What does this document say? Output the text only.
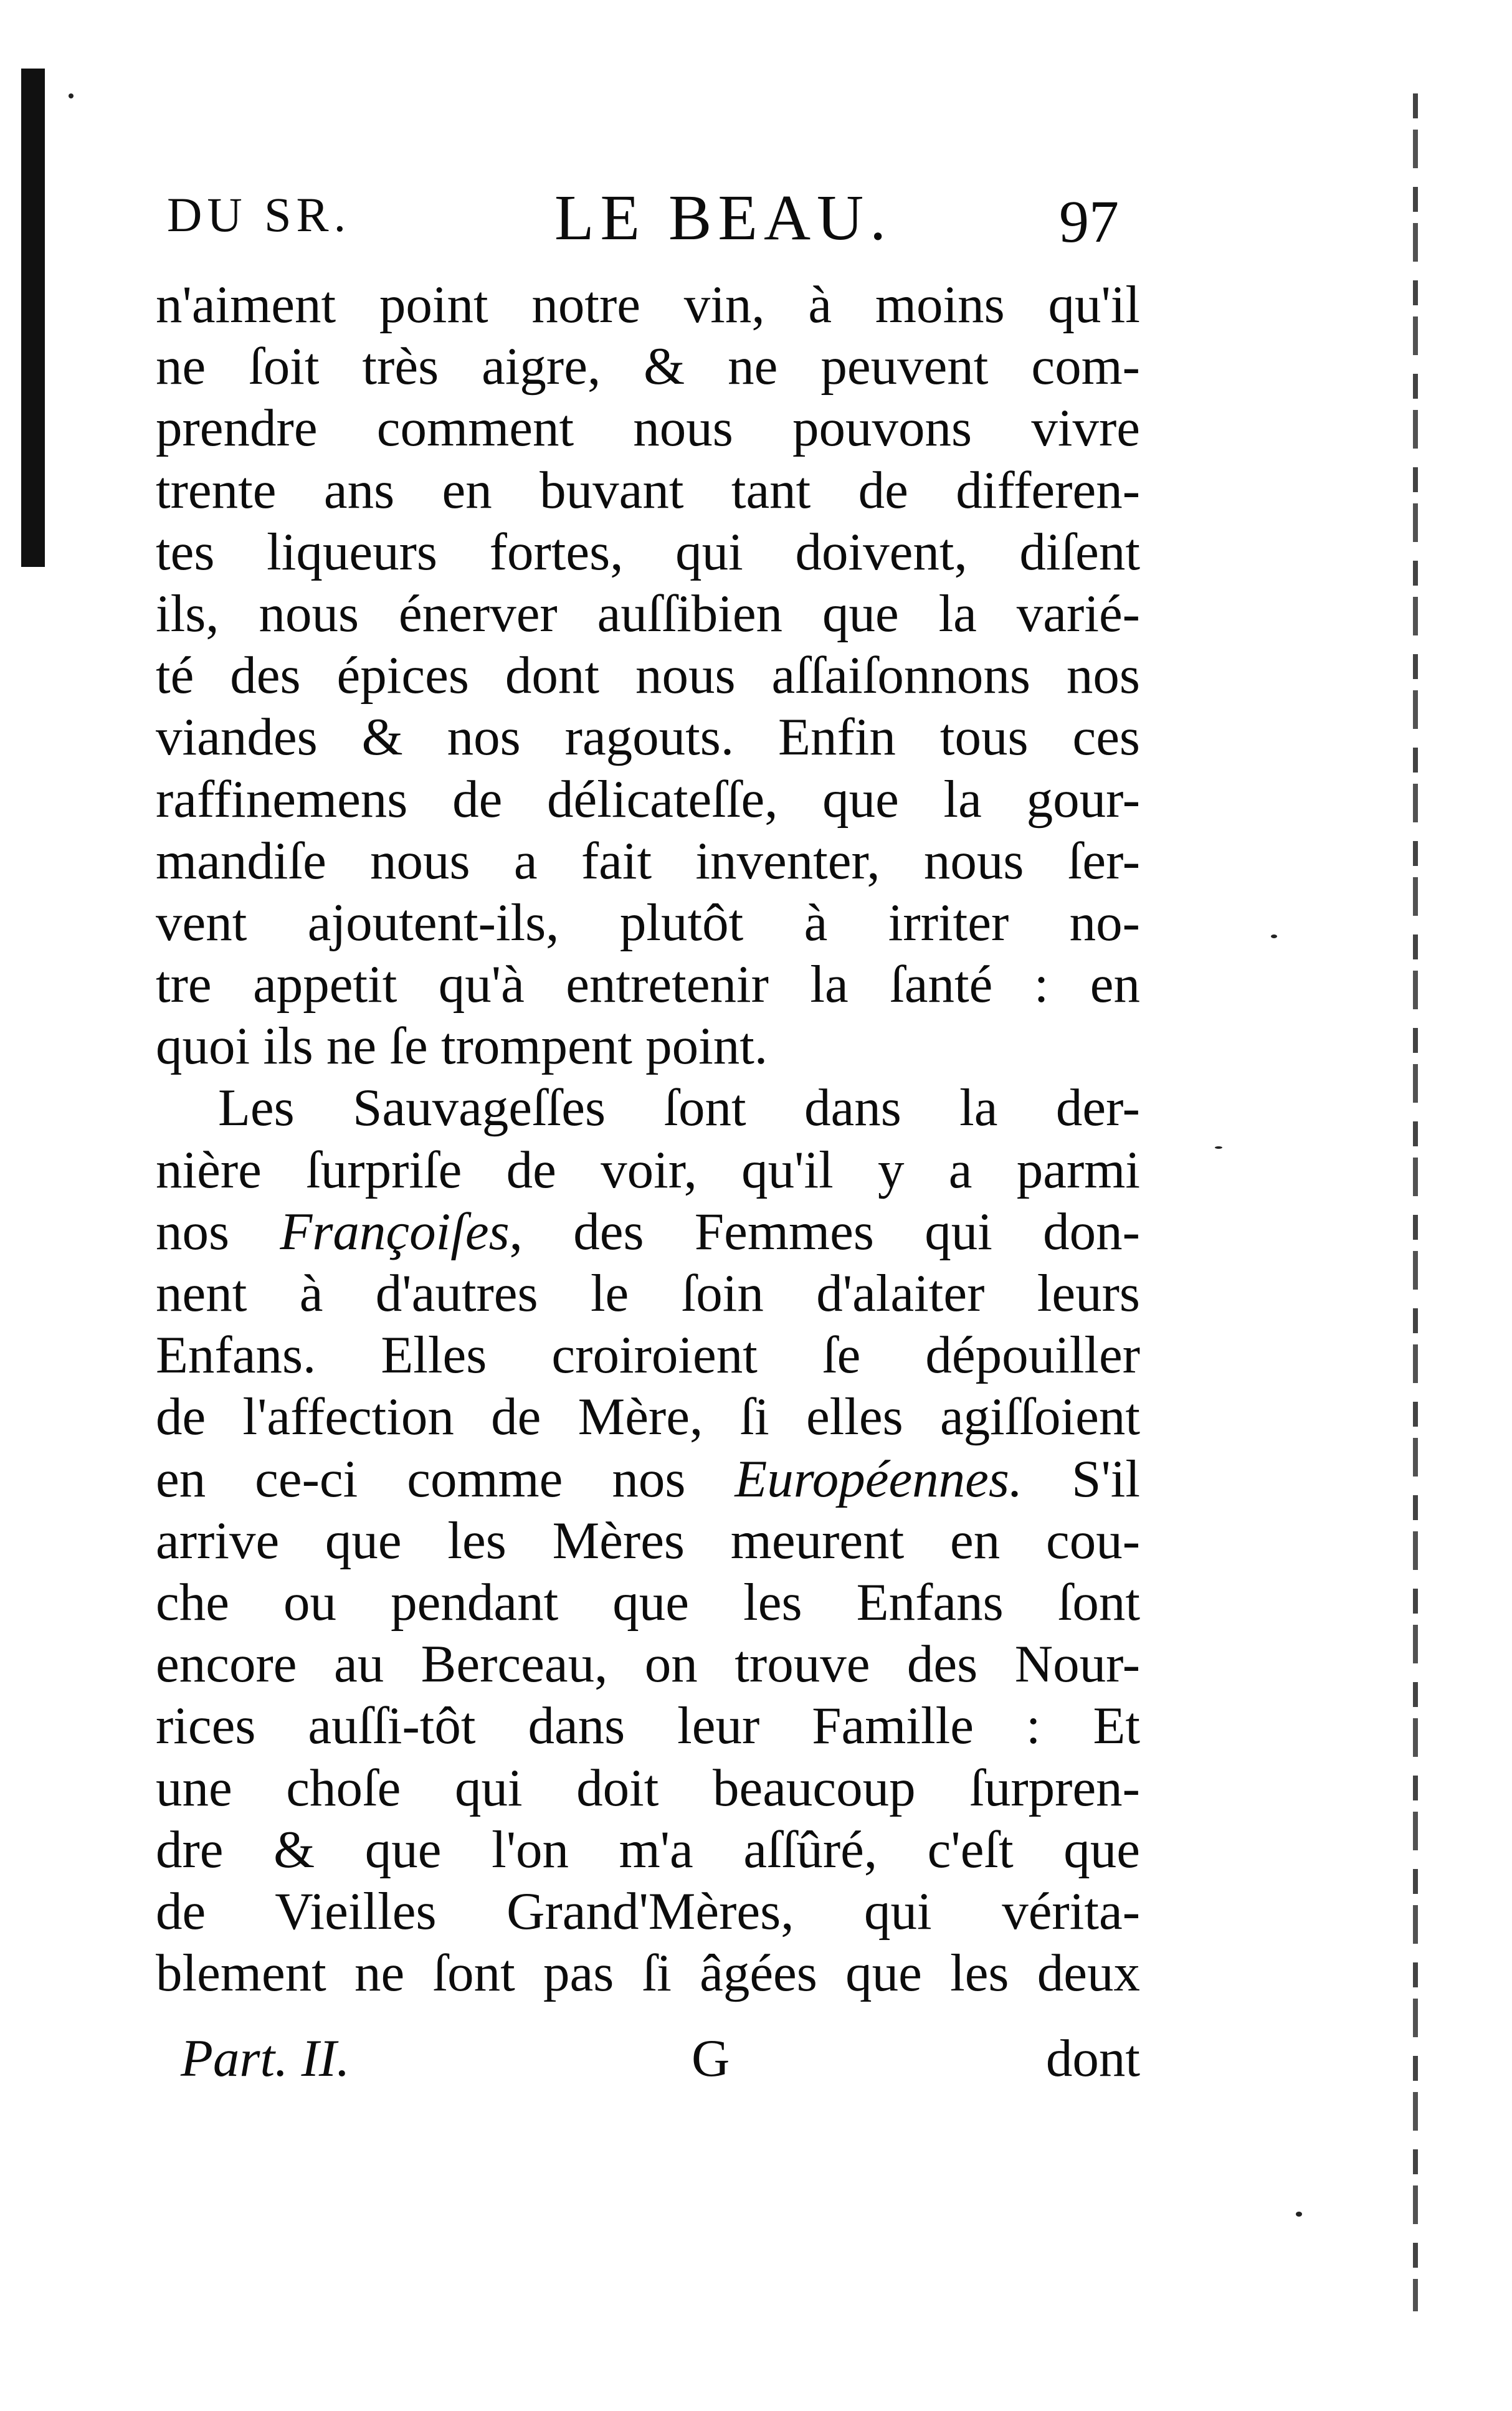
DU SR.	LE BEAU.	97
n'aiment point notre vin, à moins qu'il
ne ſoit très aigre, & ne peuvent com-
prendre comment nous pouvons vivre
trente ans en buvant tant de differen-
tes liqueurs fortes, qui doivent, diſent
ils, nous énerver auſſibien que la varié-
té des épices dont nous aſſaiſonnons nos
viandes & nos ragouts. Enfin tous ces
raffinemens de délicateſſe, que la gour-
mandiſe nous a fait inventer, nous ſer-
vent ajoutent-ils, plutôt à irriter no-
tre appetit qu'à entretenir la ſanté : en
quoi ils ne ſe trompent point.
Les Sauvageſſes ſont dans la der-
nière ſurpriſe de voir, qu'il y a parmi
nos Françoiſes, des Femmes qui don-
nent à d'autres le ſoin d'alaiter leurs
Enfans. Elles croiroient ſe dépouiller
de l'affection de Mère, ſi elles agiſſoient
en ce-ci comme nos Européennes. S'il
arrive que les Mères meurent en cou-
che ou pendant que les Enfans ſont
encore au Berceau, on trouve des Nour-
rices auſſi-tôt dans leur Famille : Et
une choſe qui doit beaucoup ſurpren-
dre & que l'on m'a aſſûré, c'eſt que
de Vieilles Grand'Mères, qui vérita-
blement ne ſont pas ſi âgées que les deux
Part. II.	G	dont
